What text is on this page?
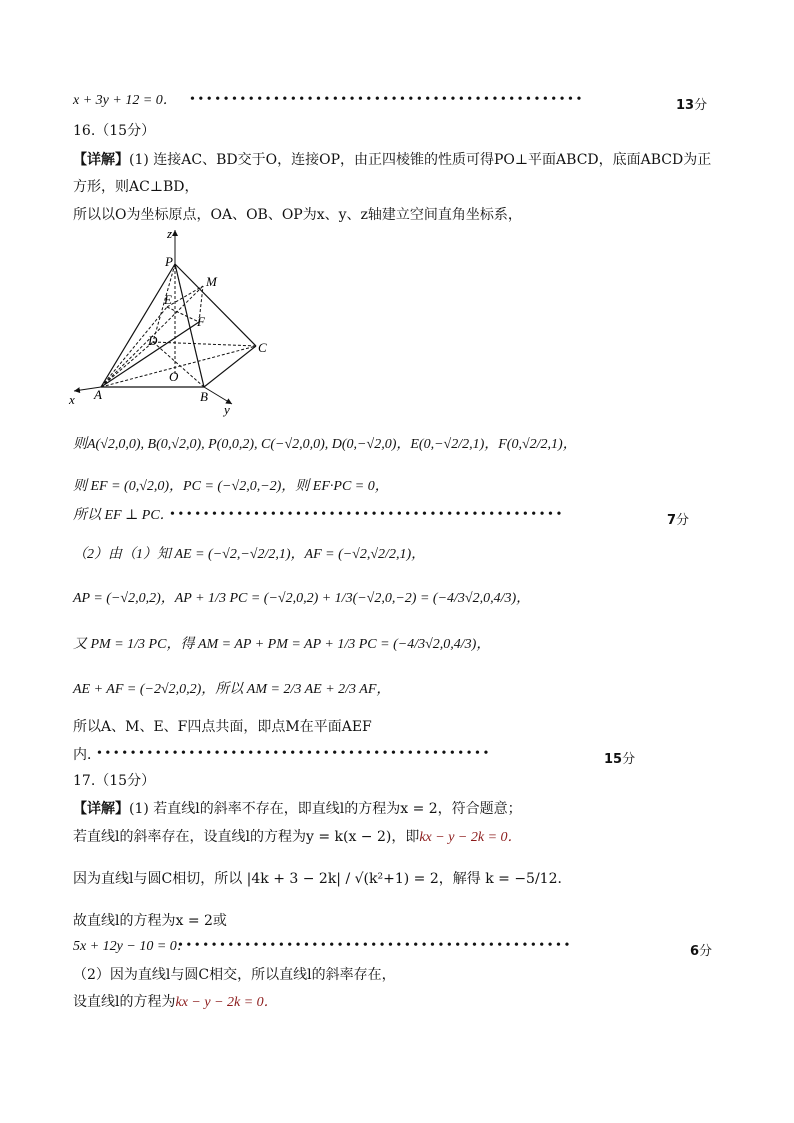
x + 3y + 12 = 0． • • • • • • • • • • • • • • • • • • • • • • • • • • • • • • • • • • • • • • • • • • • • • • •	13分
16.（15分）
【详解】(1) 连接AC、BD交于O，连接OP，由正四棱锥的性质可得PO⊥平面ABCD，底面ABCD为正
方形，则AC⊥BD，
所以以O为坐标原点，OA、OB、OP为x、y、z轴建立空间直角坐标系，
z
P
M
E
F
D	C
O
A	B
x
y
则A(√2,0,0), B(0,√2,0), P(0,0,2), C(−√2,0,0), D(0,−√2,0)，E(0,−√2/2,1)，F(0,√2/2,1)，
则 EF = (0,√2,0)，PC = (−√2,0,−2)，则 EF·PC = 0，
所以 EF ⊥ PC．
• • • • • • • • • • • • • • • • • • • • • • • • • • • • • • • • • • • • • • • • • • • • • • •	7分
（2）由（1）知 AE = (−√2,−√2/2,1)，AF = (−√2,√2/2,1)，
AP = (−√2,0,2)，AP + 1/3 PC = (−√2,0,2) + 1/3(−√2,0,−2) = (−4/3√2,0,4/3)，
又 PM = 1/3 PC，得 AM = AP + PM = AP + 1/3 PC = (−4/3√2,0,4/3)，
AE + AF = (−2√2,0,2)，所以 AM = 2/3 AE + 2/3 AF，
所以A、M、E、F四点共面，即点M在平面AEF
内．
• • • • • • • • • • • • • • • • • • • • • • • • • • • • • • • • • • • • • • • • • • • • • • •	15分
17.（15分）
【详解】(1) 若直线l的斜率不存在，即直线l的方程为x = 2，符合题意；
若直线l的斜率存在，设直线l的方程为y = k(x − 2)，即kx − y − 2k = 0．
因为直线l与圆C相切，所以 |4k + 3 − 2k| / √(k²+1) = 2，解得 k = −5/12．
故直线l的方程为x = 2或
5x + 12y − 10 = 0．
• • • • • • • • • • • • • • • • • • • • • • • • • • • • • • • • • • • • • • • • • • • • • • •	6分
（2）因为直线l与圆C相交，所以直线l的斜率存在，
设直线l的方程为kx − y − 2k = 0．
